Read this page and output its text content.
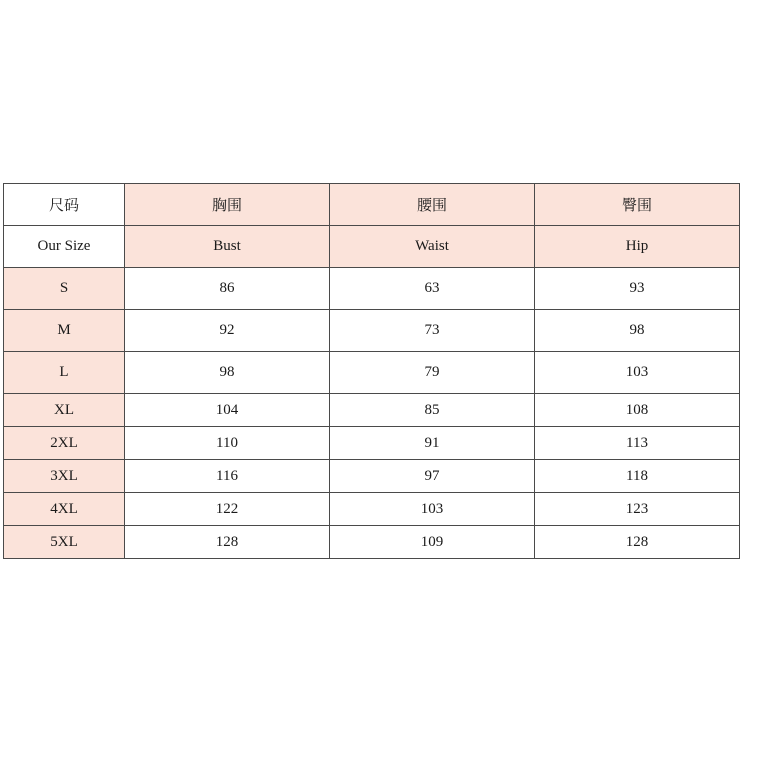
尺码	胸围	腰围	臀围
Our Size	Bust	Waist	Hip
S	86	63	93
M	92	73	98
L	98	79	103
XL	104	85	108
2XL	110	91	113
3XL	116	97	118
4XL	122	103	123
5XL	128	109	128
